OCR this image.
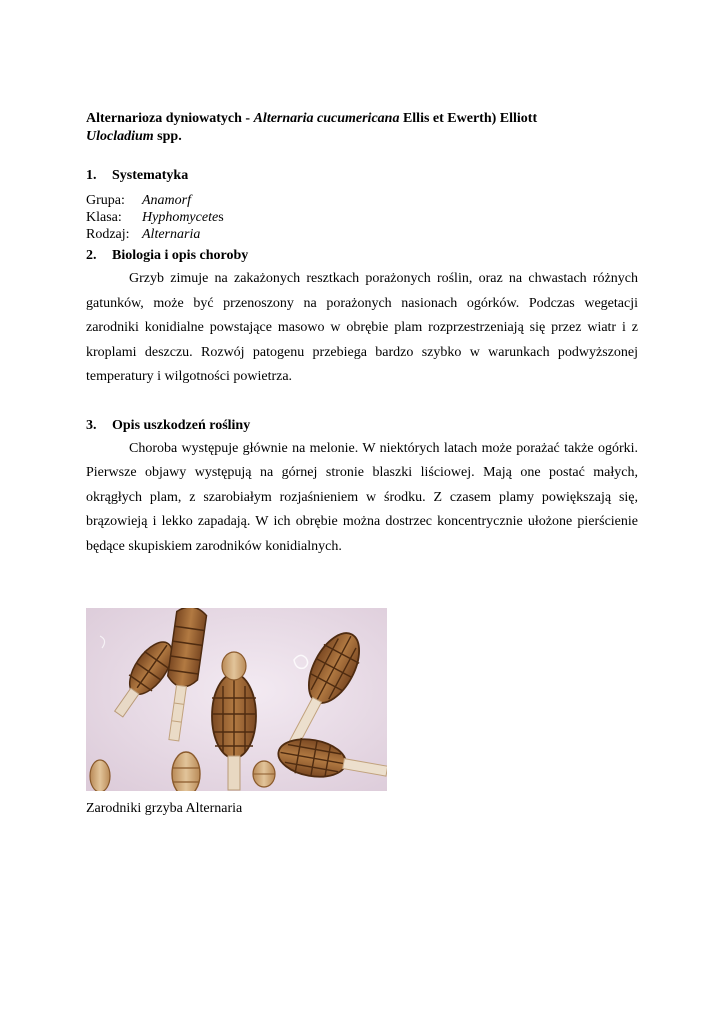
Alternarioza dyniowatych - Alternaria cucumericana Ellis et Ewerth) Elliott
Ulocladium spp.
1.	Systematyka
Grupa:	Anamorf
Klasa:	Hyphomycetes
Rodzaj: Alternaria
2.	Biologia i opis choroby

Grzyb zimuje na zakażonych resztkach porażonych roślin, oraz na chwastach różnych gatunków, może być przenoszony na porażonych nasionach ogórków. Podczas wegetacji zarodniki konidialne powstające masowo w obrębie plam rozprzestrzeniają się przez wiatr i z kroplami deszczu. Rozwój patogenu przebiega bardzo szybko w warunkach podwyższonej temperatury i wilgotności powietrza.

3.	Opis uszkodzeń rośliny

Choroba występuje głównie na melonie. W niektórych latach może porażać także ogórki. Pierwsze objawy występują na górnej stronie blaszki liściowej. Mają one postać małych, okrągłych plam, z szarobiałym rozjaśnieniem w środku. Z czasem plamy powiększają się, brązowieją i lekko zapadają. W ich obrębie można dostrzec koncentrycznie ułożone pierścienie będące skupiskiem zarodników konidialnych.

Zarodniki grzyba Alternaria
